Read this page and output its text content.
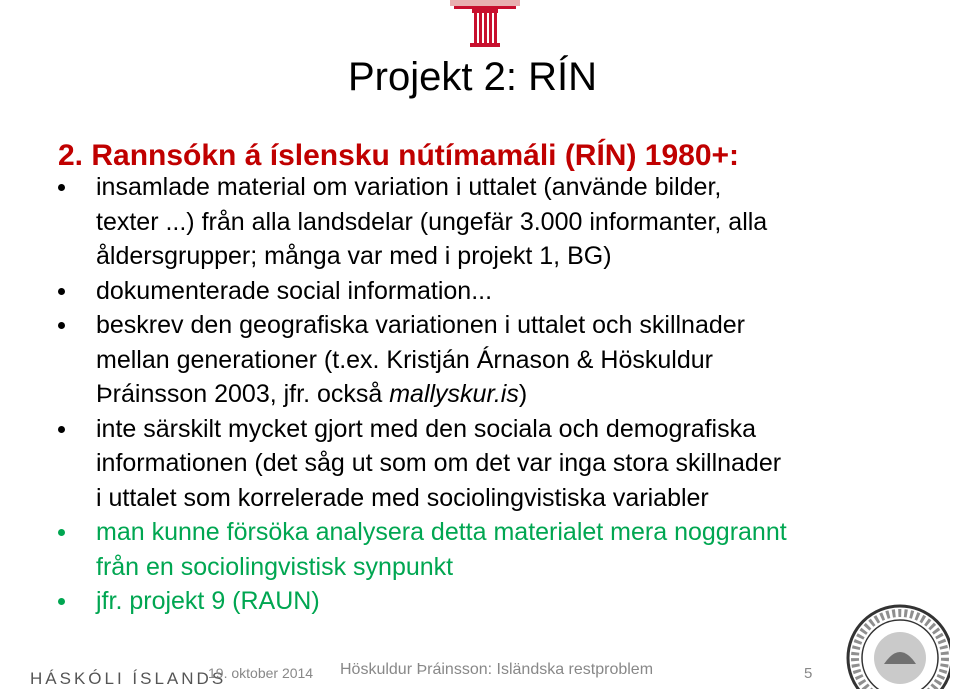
Projekt 2: RÍN
2. Rannsókn á íslensku nútímamáli (RÍN) 1980+:
insamlade material om variation i uttalet (använde bilder,
texter ...) från alla landsdelar (ungefär 3.000 informanter, alla
åldersgrupper; många var med i projekt 1, BG)
dokumenterade social information...
beskrev den geografiska variationen i uttalet och skillnader
mellan generationer (t.ex. Kristján Árnason & Höskuldur
Þráinsson 2003, jfr. också mallyskur.is)
inte särskilt mycket gjort med den sociala och demografiska
informationen (det såg ut som om det var inga stora skillnader
i uttalet som korrelerade med sociolingvistiska variabler
man kunne försöka analysera detta materialet mera noggrannt
från en sociolingvistisk synpunkt
jfr. projekt 9 (RAUN)
HÁSKÓLI ÍSLANDS
19. oktober 2014 Höskuldur Þráinsson: Isländska restproblem	5
